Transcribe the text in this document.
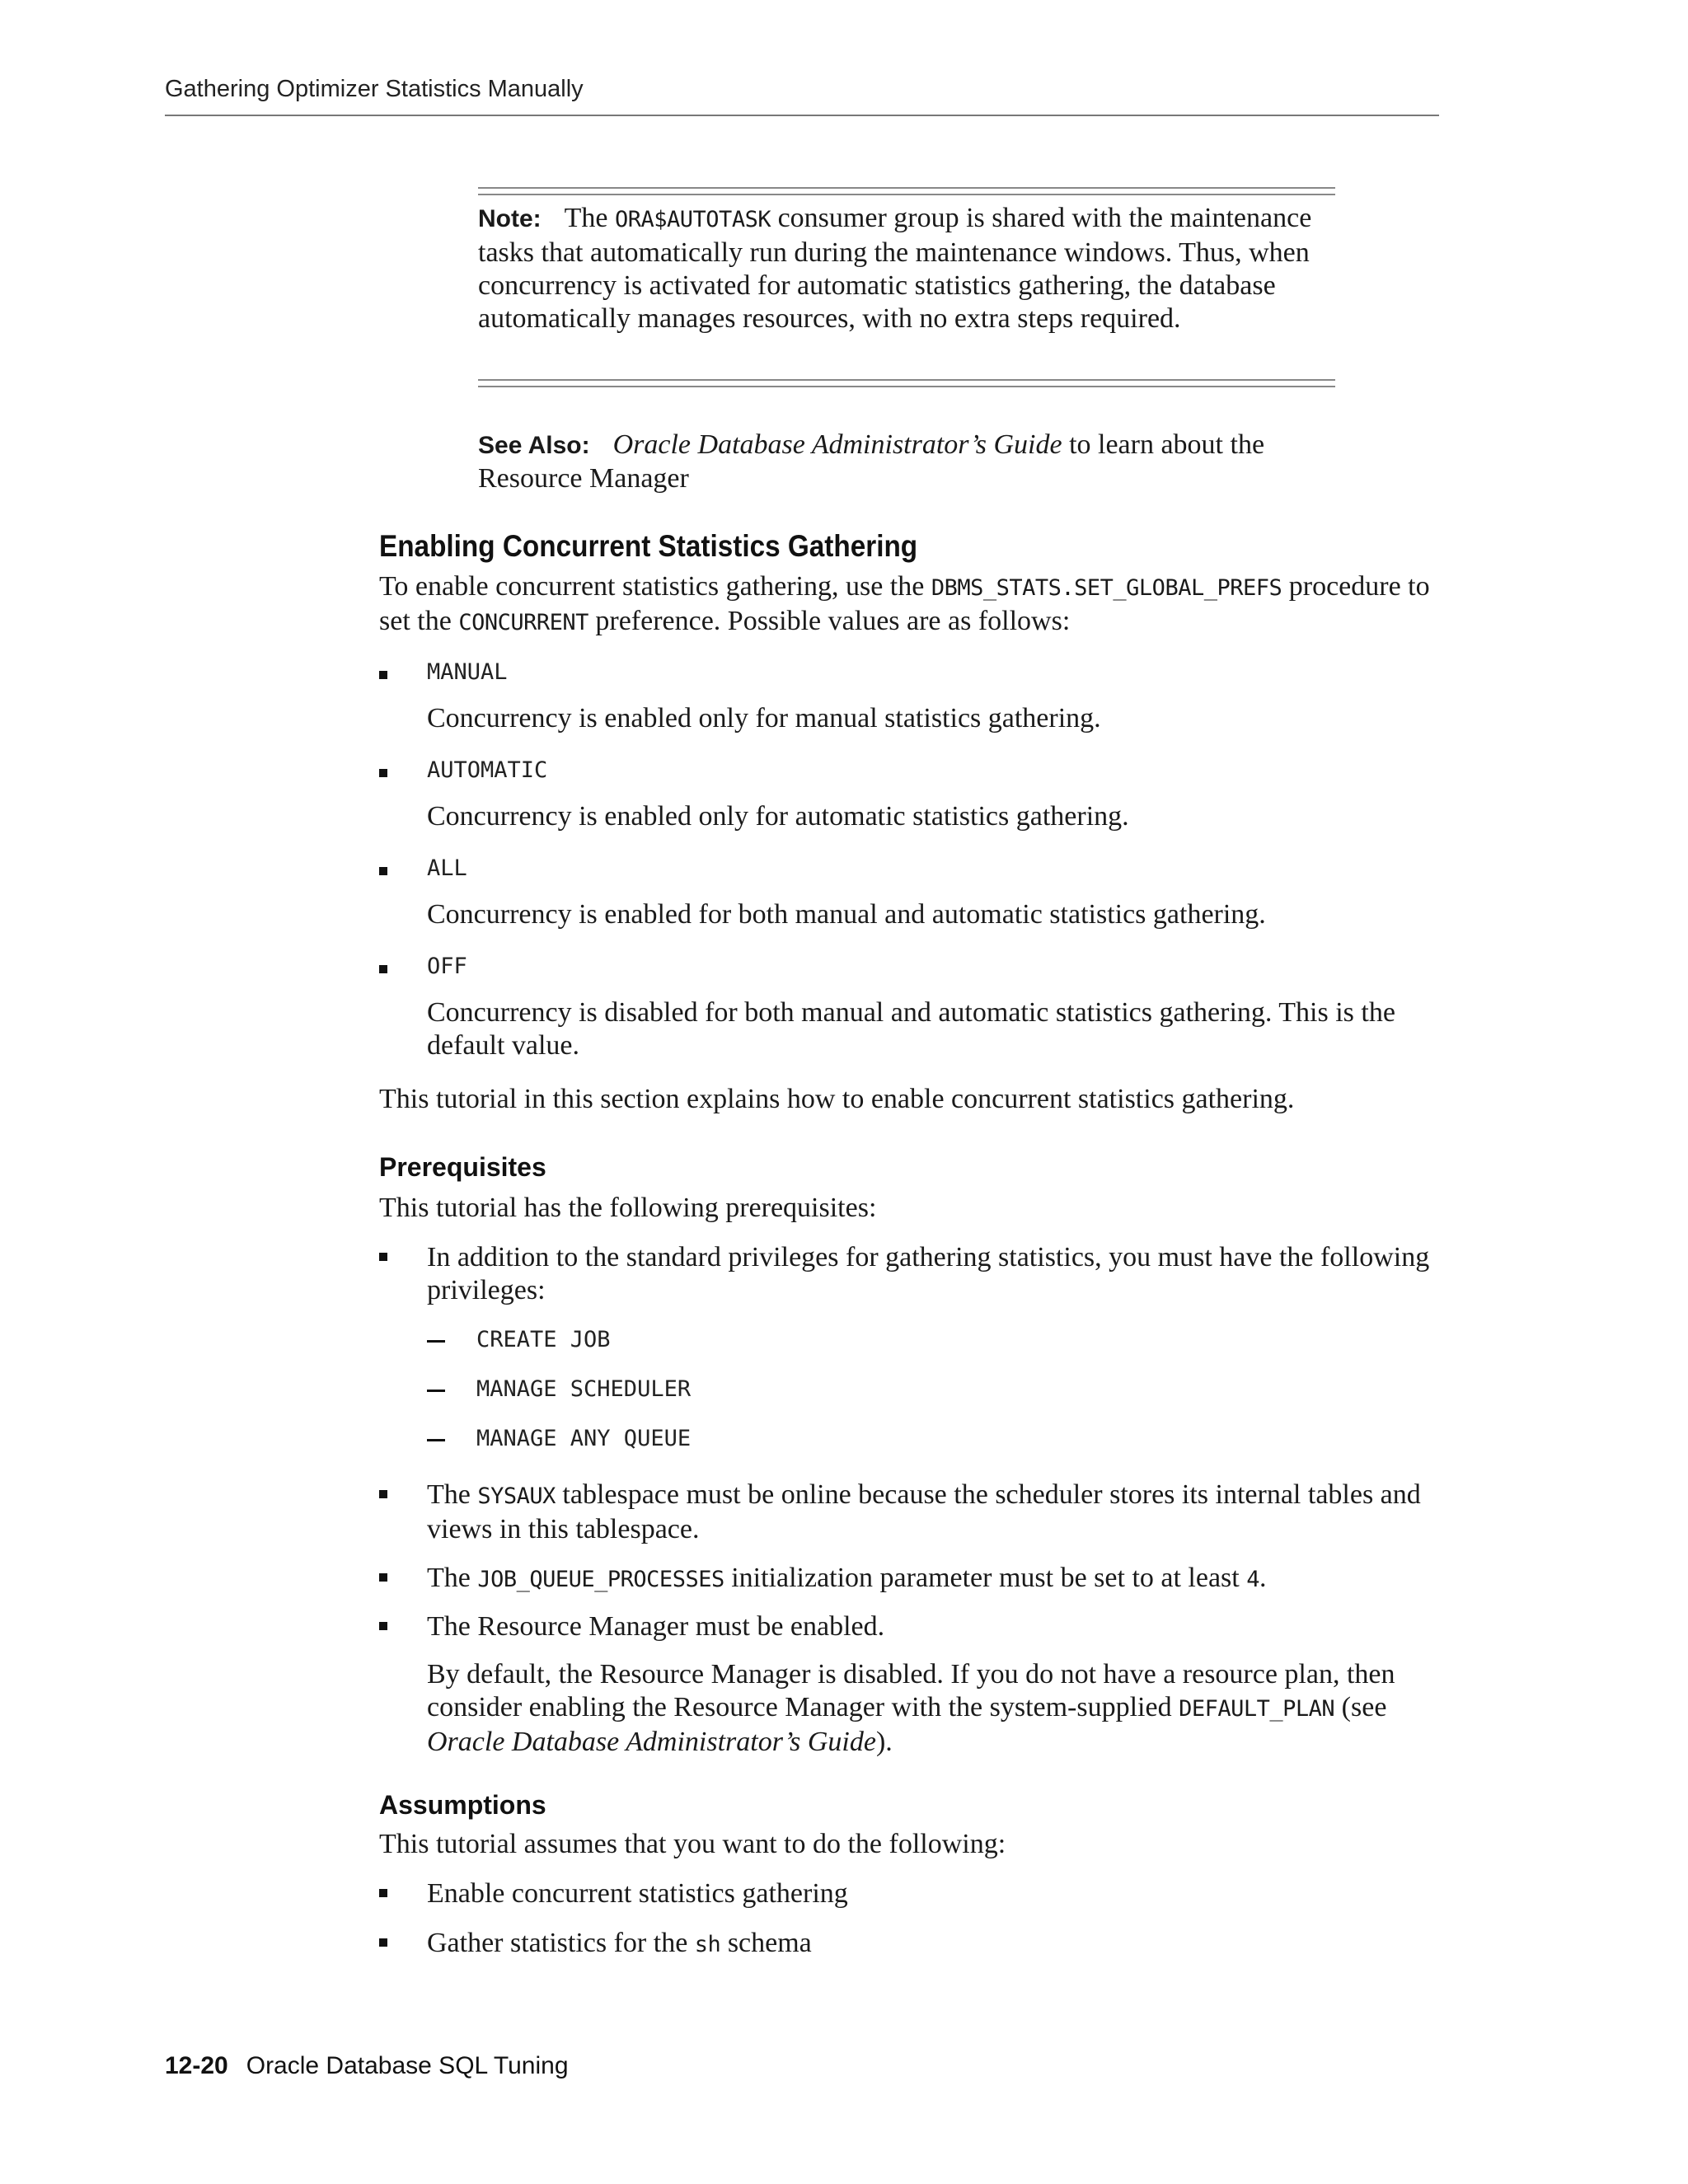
Gathering Optimizer Statistics Manually

Note: The ORA$AUTOTASK consumer group is shared with the maintenance tasks that automatically run during the maintenance windows. Thus, when concurrency is activated for automatic statistics gathering, the database automatically manages resources, with no extra steps required.

See Also: Oracle Database Administrator’s Guide to learn about the Resource Manager

Enabling Concurrent Statistics Gathering

To enable concurrent statistics gathering, use the DBMS_STATS.SET_GLOBAL_PREFS procedure to set the CONCURRENT preference. Possible values are as follows:

MANUAL

Concurrency is enabled only for manual statistics gathering.

AUTOMATIC

Concurrency is enabled only for automatic statistics gathering.

ALL

Concurrency is enabled for both manual and automatic statistics gathering.

OFF

Concurrency is disabled for both manual and automatic statistics gathering. This is the default value.

This tutorial in this section explains how to enable concurrent statistics gathering.

Prerequisites

This tutorial has the following prerequisites:

In addition to the standard privileges for gathering statistics, you must have the following privileges:

CREATE JOB

MANAGE SCHEDULER

MANAGE ANY QUEUE

The SYSAUX tablespace must be online because the scheduler stores its internal tables and views in this tablespace.

The JOB_QUEUE_PROCESSES initialization parameter must be set to at least 4.

The Resource Manager must be enabled.

By default, the Resource Manager is disabled. If you do not have a resource plan, then consider enabling the Resource Manager with the system-supplied DEFAULT_PLAN (see Oracle Database Administrator’s Guide).

Assumptions

This tutorial assumes that you want to do the following:

Enable concurrent statistics gathering

Gather statistics for the sh schema

12-20 Oracle Database SQL Tuning
